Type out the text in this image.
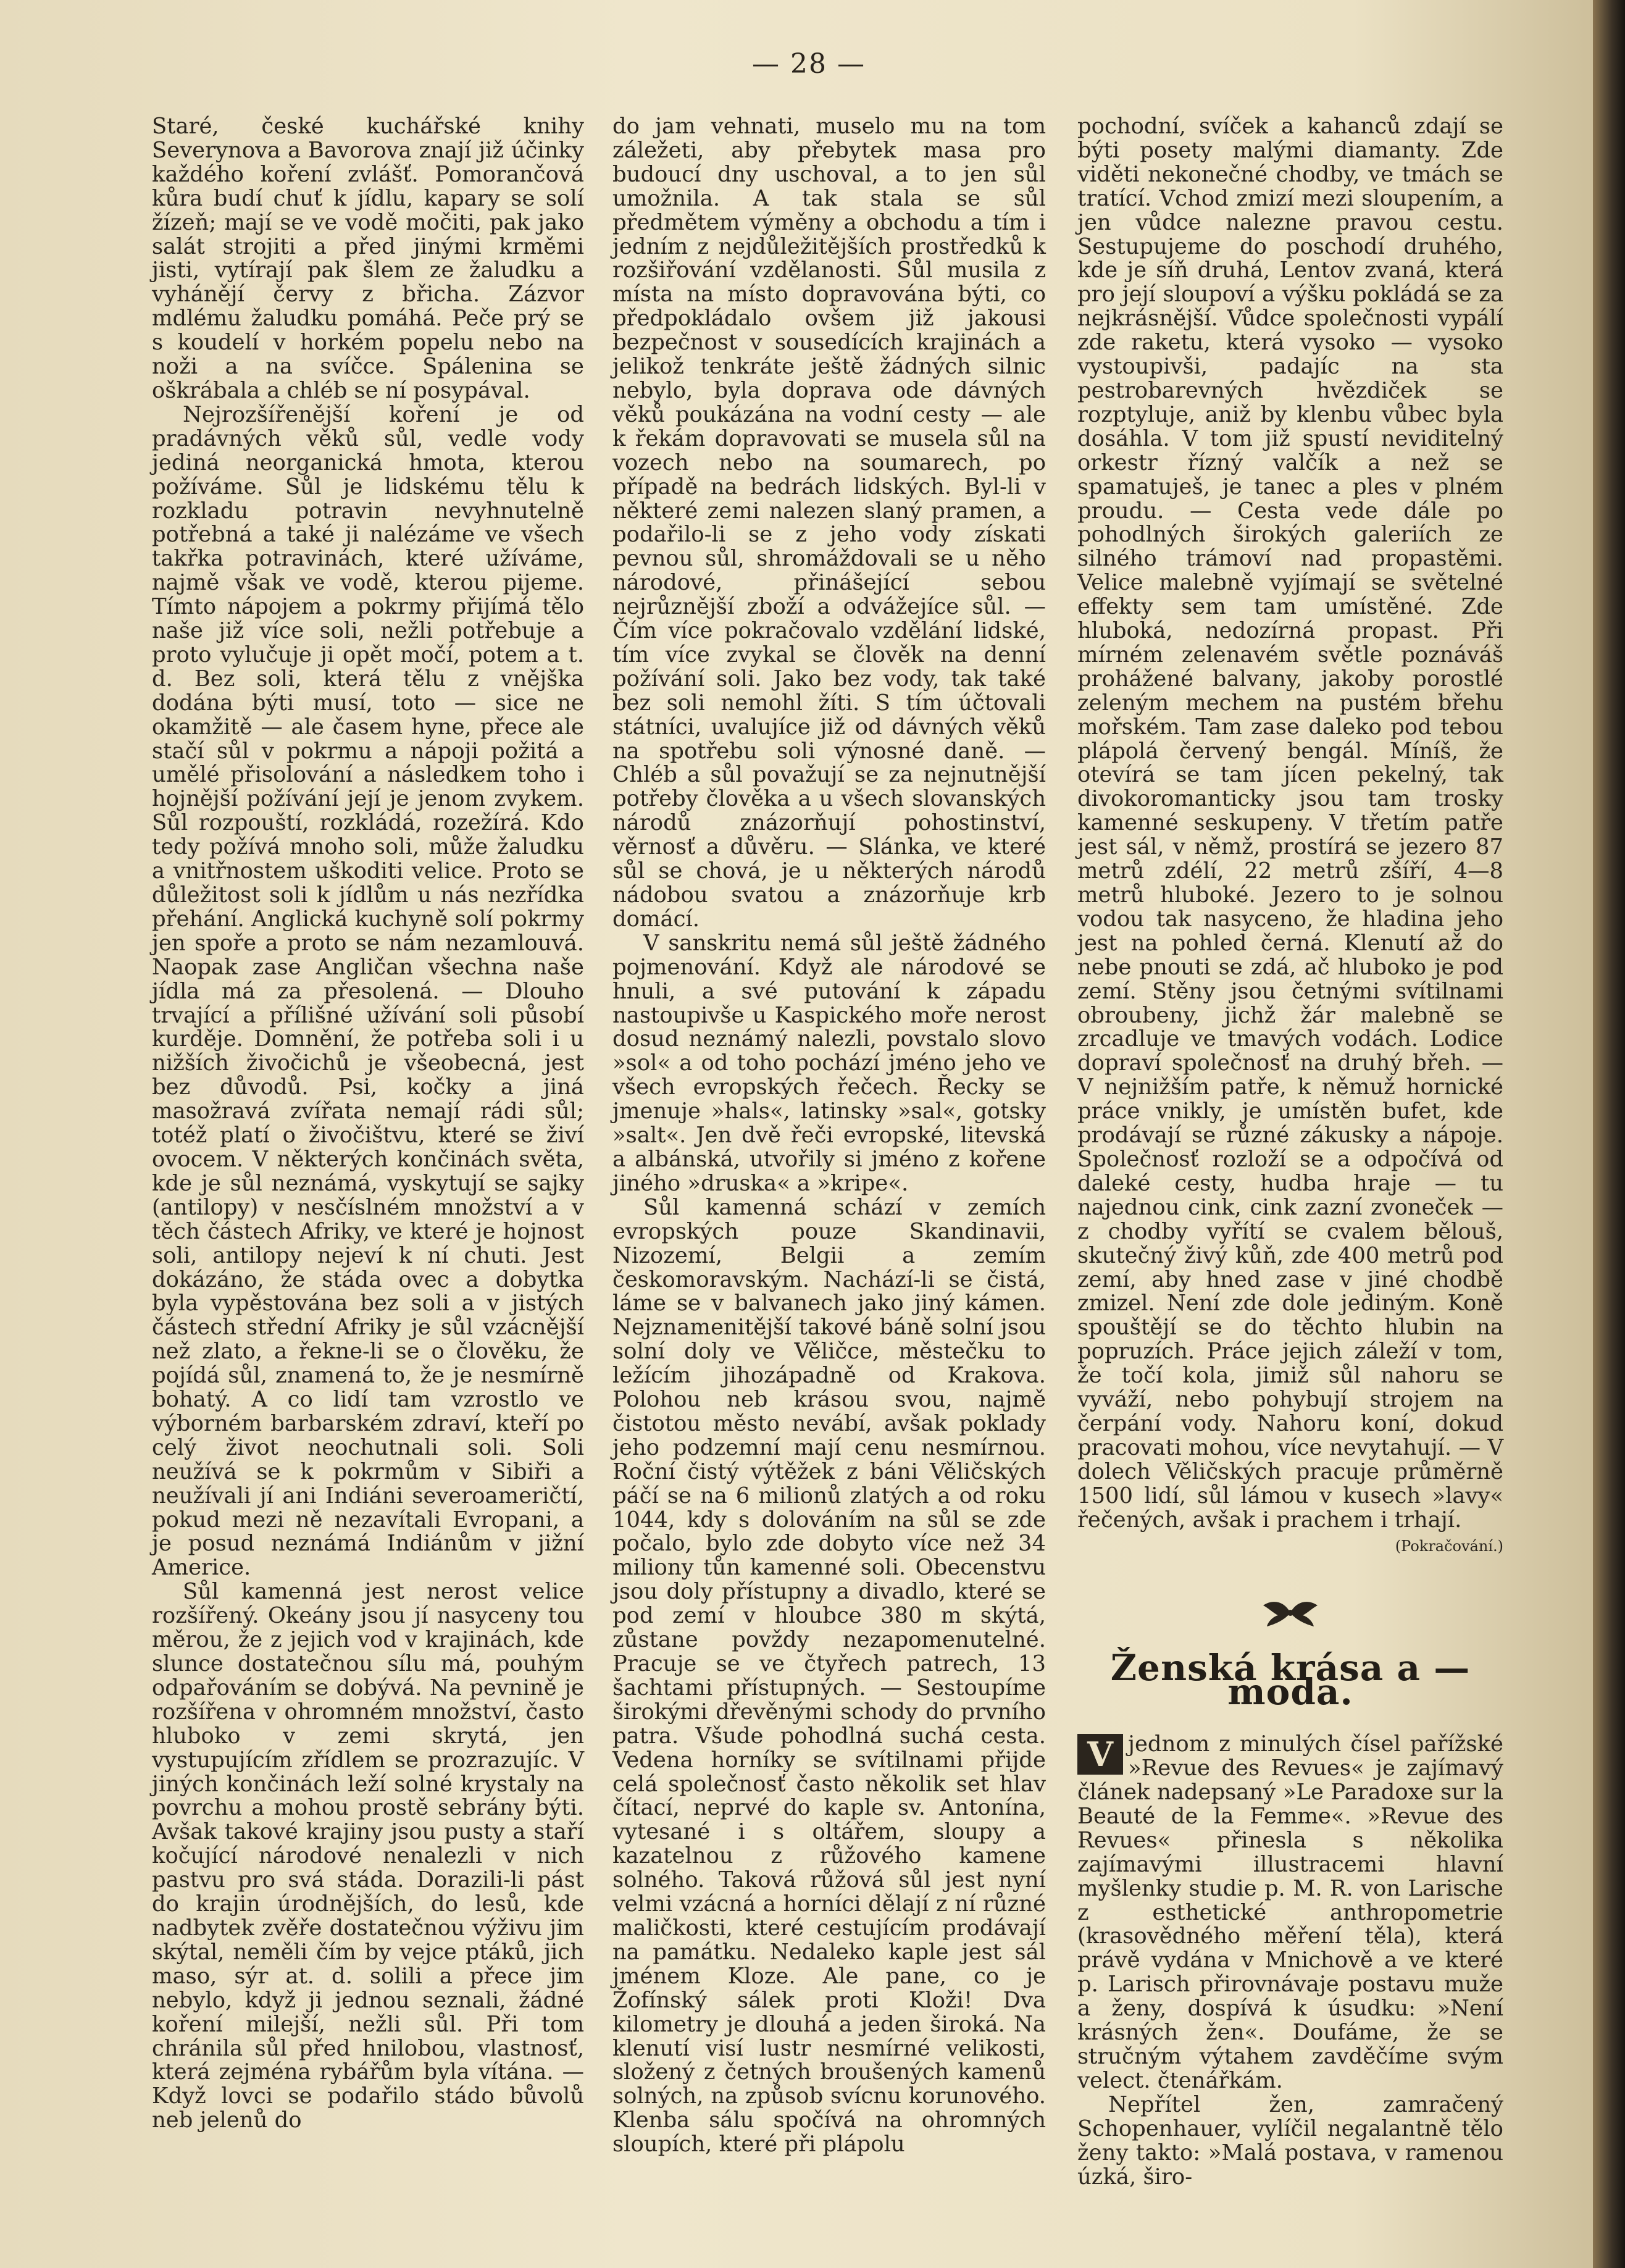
— 28 —

Staré, české kuchářské knihy Severynova a Bavorova znají již účinky každého koření zvlášť. Pomorančová kůra budí chuť k jídlu, kapary se solí žízeň; mají se ve vodě močiti, pak jako salát strojiti a před jinými krměmi jisti, vytírají pak šlem ze žaludku a vyhánějí červy z břicha. Zázvor mdlému žaludku pomáhá. Peče prý se s koudelí v horkém popelu nebo na noži a na svíčce. Spálenina se oškrábala a chléb se ní posypával.

Nejrozšířenější koření je od pradávných věků sůl, vedle vody jediná neorganická hmota, kterou požíváme. Sůl je lidskému tělu k rozkladu potravin nevyhnutelně potřebná a také ji nalézáme ve všech takřka potravinách, které užíváme, najmě však ve vodě, kterou pijeme. Tímto nápojem a pokrmy přijímá tělo naše již více soli, nežli potřebuje a proto vylučuje ji opět močí, potem a t. d. Bez soli, která tělu z vnějška dodána býti musí, toto — sice ne okamžitě — ale časem hyne, přece ale stačí sůl v pokrmu a nápoji požitá a umělé přisolování a následkem toho i hojnější požívání její je jenom zvykem. Sůl rozpouští, rozkládá, rozežírá. Kdo tedy požívá mnoho soli, může žaludku a vnitřnostem uškoditi velice. Proto se důležitost soli k jídlům u nás nezřídka přehání. Anglická kuchyně solí pokrmy jen spoře a proto se nám nezamlouvá. Naopak zase Angličan všechna naše jídla má za přesolená. — Dlouho trvající a přílišné užívání soli působí kurděje. Domnění, že potřeba soli i u nižších živočichů je všeobecná, jest bez důvodů. Psi, kočky a jiná masožravá zvířata nemají rádi sůl; totéž platí o živočištvu, které se živí ovocem. V některých končinách světa, kde je sůl neznámá, vyskytují se sajky (antilopy) v nesčíslném množství a v těch částech Afriky, ve které je hojnost soli, antilopy nejeví k ní chuti. Jest dokázáno, že stáda ovec a dobytka byla vypěstována bez soli a v jistých částech střední Afriky je sůl vzácnější než zlato, a řekne-li se o člověku, že pojídá sůl, znamená to, že je nesmírně bohatý. A co lidí tam vzrostlo ve výborném barbarském zdraví, kteří po celý život neochutnali soli. Soli neužívá se k pokrmům v Sibiři a neužívali jí ani Indiáni severoameričtí, pokud mezi ně nezavítali Evropani, a je posud neznámá Indiánům v jižní Americe.

Sůl kamenná jest nerost velice rozšířený. Okeány jsou jí nasyceny tou měrou, že z jejich vod v krajinách, kde slunce dostatečnou sílu má, pouhým odpařováním se dobývá. Na pevnině je rozšířena v ohromném množství, často hluboko v zemi skrytá, jen vystupujícím zřídlem se prozrazujíc. V jiných končinách leží solné krystaly na povrchu a mohou prostě sebrány býti. Avšak takové krajiny jsou pusty a staří kočující národové nenalezli v nich pastvu pro svá stáda. Dorazili-li pást do krajin úrodnějších, do lesů, kde nadbytek zvěře dostatečnou výživu jim skýtal, neměli čím by vejce ptáků, jich maso, sýr at. d. solili a přece jim nebylo, když ji jednou seznali, žádné koření milejší, nežli sůl. Při tom chránila sůl před hnilobou, vlastnosť, která zejména rybářům byla vítána. — Když lovci se podařilo stádo bůvolů neb jelenů do

do jam vehnati, muselo mu na tom záležeti, aby přebytek masa pro budoucí dny uschoval, a to jen sůl umožnila. A tak stala se sůl předmětem výměny a obchodu a tím i jedním z nejdůležitějších prostředků k rozšiřování vzdělanosti. Sůl musila z místa na místo dopravována býti, co předpokládalo ovšem již jakousi bezpečnost v sousedících krajinách a jelikož tenkráte ještě žádných silnic nebylo, byla doprava ode dávných věků poukázána na vodní cesty — ale k řekám dopravovati se musela sůl na vozech nebo na soumarech, po případě na bedrách lidských. Byl-li v některé zemi nalezen slaný pramen, a podařilo-li se z jeho vody získati pevnou sůl, shromáždovali se u něho národové, přinášející sebou nejrůznější zboží a odvážejíce sůl. — Čím více pokračovalo vzdělání lidské, tím více zvykal se člověk na denní požívání soli. Jako bez vody, tak také bez soli nemohl žíti. S tím účtovali státníci, uvalujíce již od dávných věků na spotřebu soli výnosné daně. — Chléb a sůl považují se za nejnutnější potřeby člověka a u všech slovanských národů znázorňují pohostinství, věrnosť a důvěru. — Slánka, ve které sůl se chová, je u některých národů nádobou svatou a znázorňuje krb domácí.

V sanskritu nemá sůl ještě žádného pojmenování. Když ale národové se hnuli, a své putování k západu nastoupivše u Kaspického moře nerost dosud neznámý nalezli, povstalo slovo »sol« a od toho pochází jméno jeho ve všech evropských řečech. Řecky se jmenuje »hals«, latinsky »sal«, gotsky »salt«. Jen dvě řeči evropské, litevská a albánská, utvořily si jméno z kořene jiného »druska« a »kripe«.

Sůl kamenná schází v zemích evropských pouze Skandinavii, Nizozemí, Belgii a zemím českomoravským. Nachází-li se čistá, láme se v balvanech jako jiný kámen. Nejznamenitější takové báně solní jsou solní doly ve Věličce, městečku to ležícím jihozápadně od Krakova. Polohou neb krásou svou, najmě čistotou město nevábí, avšak poklady jeho podzemní mají cenu nesmírnou. Roční čistý výtěžek z báni Věličských páčí se na 6 milionů zlatých a od roku 1044, kdy s dolováním na sůl se zde počalo, bylo zde dobyto více než 34 miliony tůn kamenné soli. Obecenstvu jsou doly přístupny a divadlo, které se pod zemí v hloubce 380 m skýtá, zůstane povždy nezapomenutelné. Pracuje se ve čtyřech patrech, 13 šachtami přístupných. — Sestoupíme širokými dřevěnými schody do prvního patra. Všude pohodlná suchá cesta. Vedena horníky se svítilnami přijde celá společnosť často několik set hlav čítací, neprvé do kaple sv. Antonína, vytesané i s oltářem, sloupy a kazatelnou z růžového kamene solného. Taková růžová sůl jest nyní velmi vzácná a horníci dělají z ní různé maličkosti, které cestujícím prodávají na památku. Nedaleko kaple jest sál jménem Kloze. Ale pane, co je Žofínský sálek proti Kloži! Dva kilometry je dlouhá a jeden široká. Na klenutí visí lustr nesmírné velikosti, složený z četných broušených kamenů solných, na způsob svícnu korunového. Klenba sálu spočívá na ohromných sloupích, které při plápolu

pochodní, svíček a kahanců zdají se býti posety malými diamanty. Zde viděti nekonečné chodby, ve tmách se tratící. Vchod zmizí mezi sloupením, a jen vůdce nalezne pravou cestu. Sestupujeme do poschodí druhého, kde je síň druhá, Lentov zvaná, která pro její sloupoví a výšku pokládá se za nejkrásnější. Vůdce společnosti vypálí zde raketu, která vysoko — vysoko vystoupivši, padajíc na sta pestrobarevných hvězdiček se rozptyluje, aniž by klenbu vůbec byla dosáhla. V tom již spustí neviditelný orkestr řízný valčík a než se spamatuješ, je tanec a ples v plném proudu. — Cesta vede dále po pohodlných širokých galeriích ze silného trámoví nad propastěmi. Velice malebně vyjímají se světelné effekty sem tam umístěné. Zde hluboká, nedozírná propast. Při mírném zelenavém světle poznáváš prohážené balvany, jakoby porostlé zeleným mechem na pustém břehu mořském. Tam zase daleko pod tebou plápolá červený bengál. Míníš, že otevírá se tam jícen pekelný, tak divokoromanticky jsou tam trosky kamenné seskupeny. V třetím patře jest sál, v němž, prostírá se jezero 87 metrů zdélí, 22 metrů zšíří, 4—8 metrů hluboké. Jezero to je solnou vodou tak nasyceno, že hladina jeho jest na pohled černá. Klenutí až do nebe pnouti se zdá, ač hluboko je pod zemí. Stěny jsou četnými svítilnami obroubeny, jichž žár malebně se zrcadluje ve tmavých vodách. Lodice dopraví společnosť na druhý břeh. — V nejnižším patře, k němuž hornické práce vnikly, je umístěn bufet, kde prodávají se různé zákusky a nápoje. Společnosť rozloží se a odpočívá od daleké cesty, hudba hraje — tu najednou cink, cink zazní zvoneček — z chodby vyřítí se cvalem bělouš, skutečný živý kůň, zde 400 metrů pod zemí, aby hned zase v jiné chodbě zmizel. Není zde dole jediným. Koně spouštějí se do těchto hlubin na popruzích. Práce jejich záleží v tom, že točí kola, jimiž sůl nahoru se vyváží, nebo pohybují strojem na čerpání vody. Nahoru koní, dokud pracovati mohou, více nevytahují. — V dolech Věličských pracuje průměrně 1500 lidí, sůl lámou v kusech »lavy« řečených, avšak i prachem i trhají.

(Pokračování.)
Ženská krása a — moda.

V jednom z minulých čísel pařížské »Revue des Revues« je zajímavý článek nadepsaný »Le Paradoxe sur la Beauté de la Femme«. »Revue des Revues« přinesla s několika zajímavými illustracemi hlavní myšlenky studie p. M. R. von Larische z esthetické anthropometrie (krasovědného měření těla), která právě vydána v Mnichově a ve které p. Larisch přirovnávaje postavu muže a ženy, dospívá k úsudku: »Není krásných žen«. Doufáme, že se stručným výtahem zavděčíme svým velect. čtenářkám.

Nepřítel žen, zamračený Schopenhauer, vylíčil negalantně tělo ženy takto: »Malá postava, v ramenou úzká, širo-
